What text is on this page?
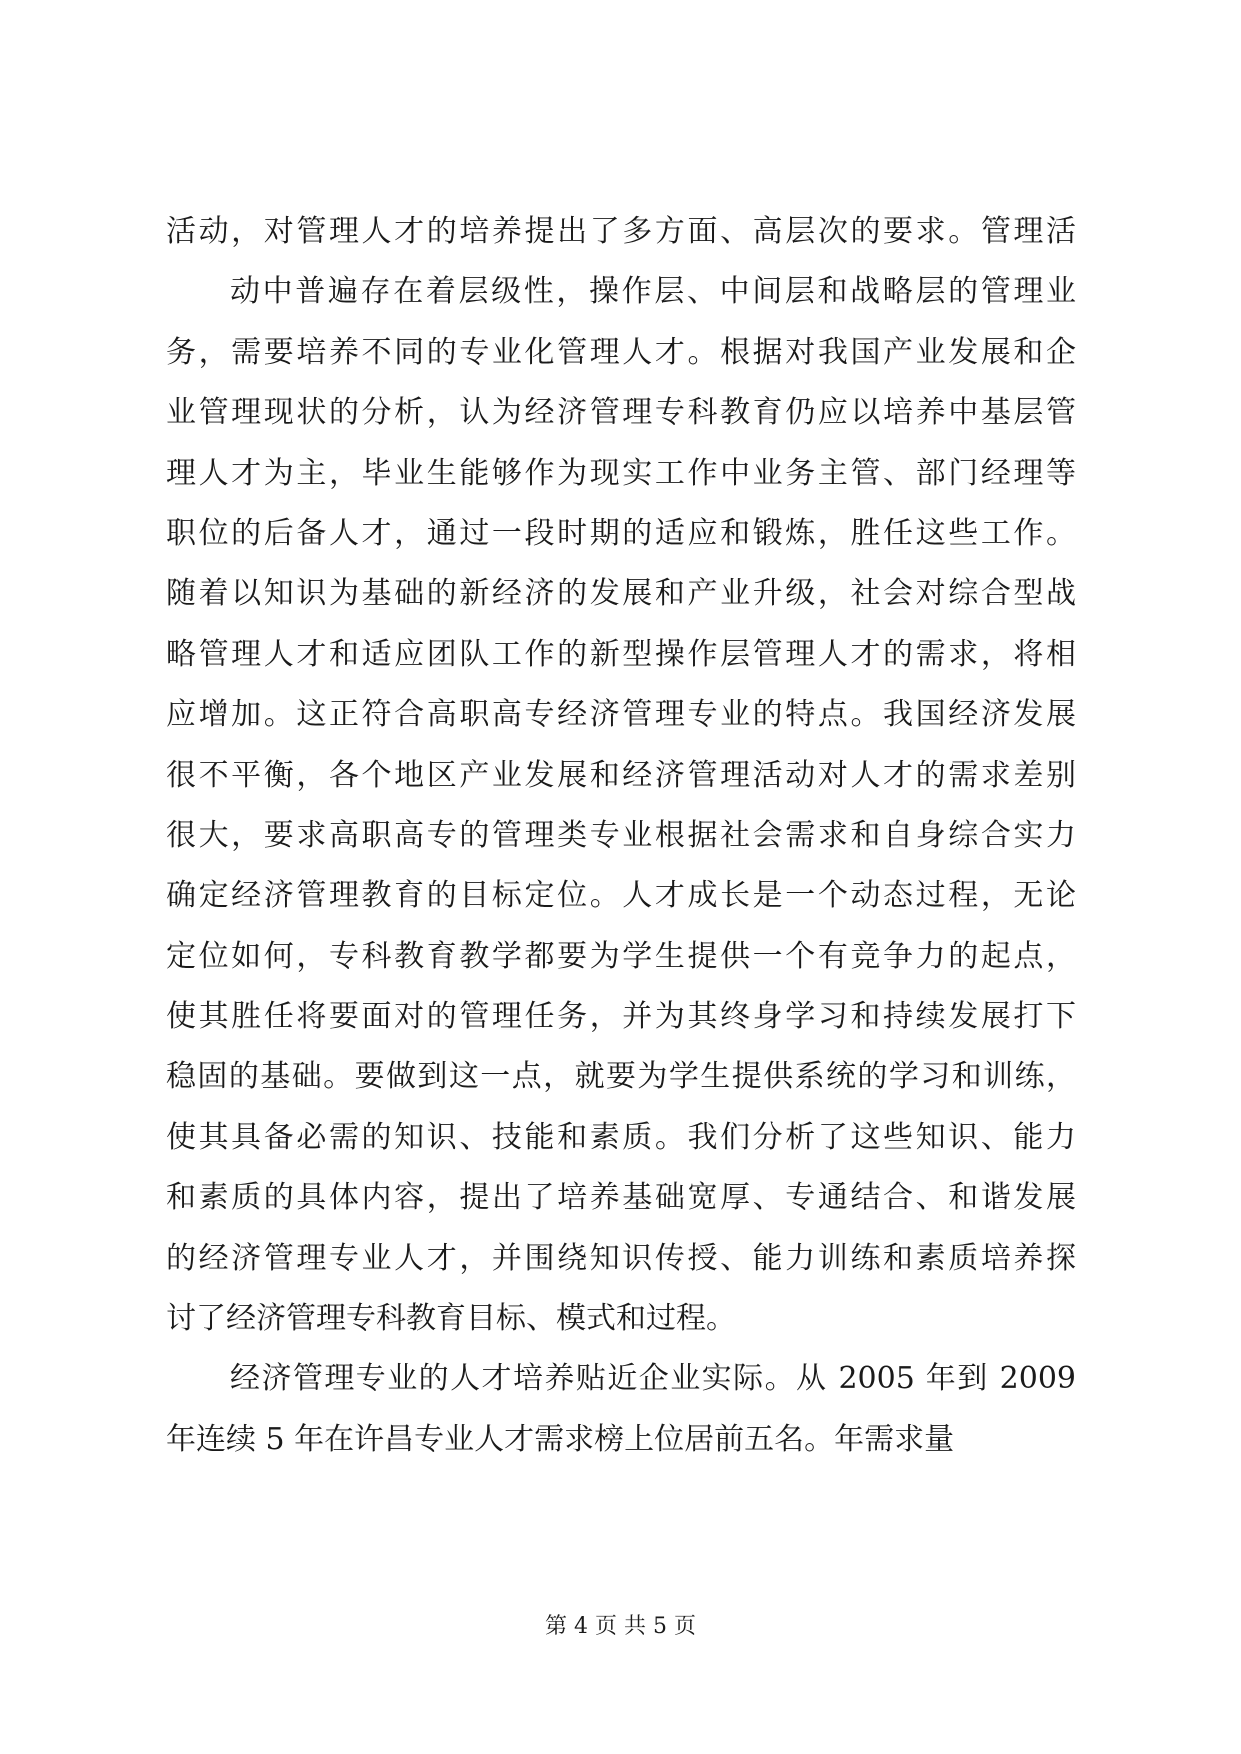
活动，对管理人才的培养提出了多方面、高层次的要求。管理活
动中普遍存在着层级性，操作层、中间层和战略层的管理业
务，需要培养不同的专业化管理人才。根据对我国产业发展和企
业管理现状的分析，认为经济管理专科教育仍应以培养中基层管
理人才为主，毕业生能够作为现实工作中业务主管、部门经理等
职位的后备人才，通过一段时期的适应和锻炼，胜任这些工作。
随着以知识为基础的新经济的发展和产业升级，社会对综合型战
略管理人才和适应团队工作的新型操作层管理人才的需求，将相
应增加。这正符合高职高专经济管理专业的特点。我国经济发展
很不平衡，各个地区产业发展和经济管理活动对人才的需求差别
很大，要求高职高专的管理类专业根据社会需求和自身综合实力
确定经济管理教育的目标定位。人才成长是一个动态过程，无论
定位如何，专科教育教学都要为学生提供一个有竞争力的起点，
使其胜任将要面对的管理任务，并为其终身学习和持续发展打下
稳固的基础。要做到这一点，就要为学生提供系统的学习和训练，
使其具备必需的知识、技能和素质。我们分析了这些知识、能力
和素质的具体内容，提出了培养基础宽厚、专通结合、和谐发展
的经济管理专业人才，并围绕知识传授、能力训练和素质培养探
讨了经济管理专科教育目标、模式和过程。
经济管理专业的人才培养贴近企业实际。从 2005 年到 2009
年连续 5 年在许昌专业人才需求榜上位居前五名。年需求量
第 4 页 共 5 页
